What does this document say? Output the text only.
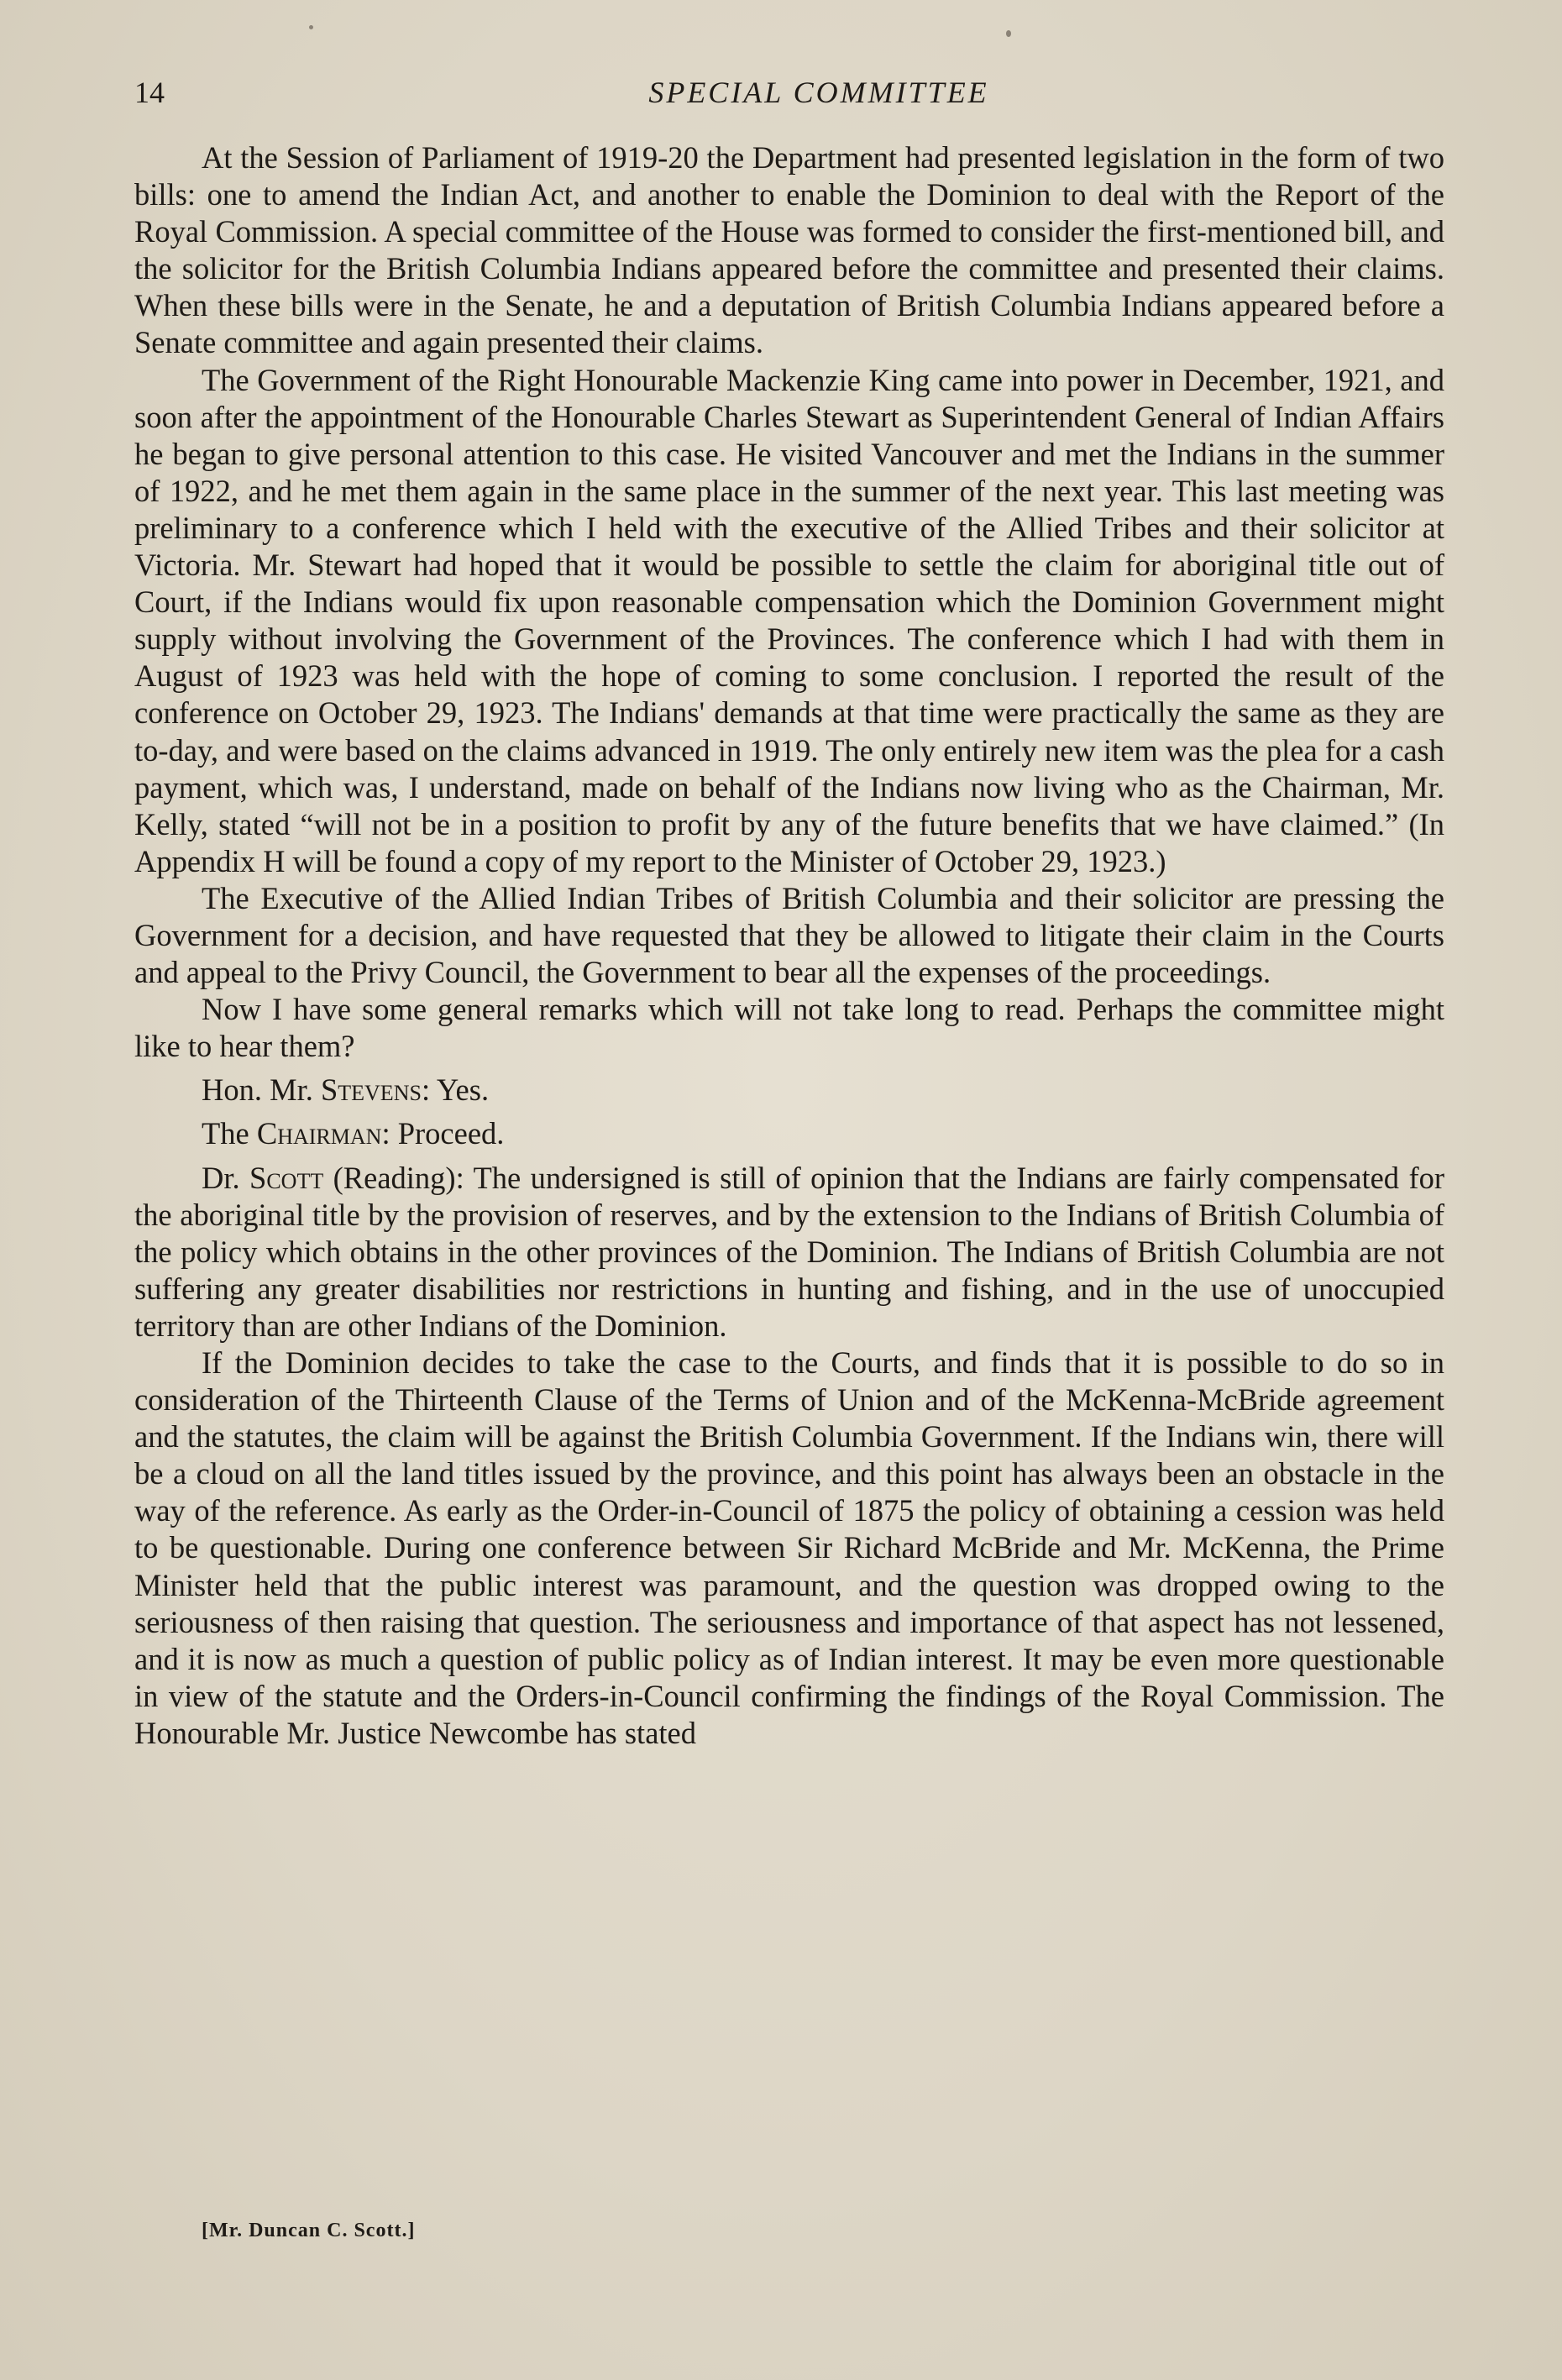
14	SPECIAL COMMITTEE

At the Session of Parliament of 1919-20 the Department had presented legislation in the form of two bills: one to amend the Indian Act, and another to enable the Dominion to deal with the Report of the Royal Commission. A special committee of the House was formed to consider the first-mentioned bill, and the solicitor for the British Columbia Indians appeared before the committee and presented their claims. When these bills were in the Senate, he and a deputation of British Columbia Indians appeared before a Senate committee and again presented their claims.

The Government of the Right Honourable Mackenzie King came into power in December, 1921, and soon after the appointment of the Honourable Charles Stewart as Superintendent General of Indian Affairs he began to give personal attention to this case. He visited Vancouver and met the Indians in the summer of 1922, and he met them again in the same place in the summer of the next year. This last meeting was preliminary to a conference which I held with the executive of the Allied Tribes and their solicitor at Victoria. Mr. Stewart had hoped that it would be possible to settle the claim for aboriginal title out of Court, if the Indians would fix upon reasonable compensation which the Dominion Government might supply without involving the Government of the Provinces. The conference which I had with them in August of 1923 was held with the hope of coming to some conclusion. I reported the result of the conference on October 29, 1923. The Indians' demands at that time were practically the same as they are to-day, and were based on the claims advanced in 1919. The only entirely new item was the plea for a cash payment, which was, I understand, made on behalf of the Indians now living who as the Chairman, Mr. Kelly, stated “will not be in a position to profit by any of the future benefits that we have claimed.” (In Appendix H will be found a copy of my report to the Minister of October 29, 1923.)

The Executive of the Allied Indian Tribes of British Columbia and their solicitor are pressing the Government for a decision, and have requested that they be allowed to litigate their claim in the Courts and appeal to the Privy Council, the Government to bear all the expenses of the proceedings.

Now I have some general remarks which will not take long to read. Perhaps the committee might like to hear them?

Hon. Mr. Stevens: Yes.

The Chairman: Proceed.

Dr. Scott (Reading): The undersigned is still of opinion that the Indians are fairly compensated for the aboriginal title by the provision of reserves, and by the extension to the Indians of British Columbia of the policy which obtains in the other provinces of the Dominion. The Indians of British Columbia are not suffering any greater disabilities nor restrictions in hunting and fishing, and in the use of unoccupied territory than are other Indians of the Dominion.

If the Dominion decides to take the case to the Courts, and finds that it is possible to do so in consideration of the Thirteenth Clause of the Terms of Union and of the McKenna-McBride agreement and the statutes, the claim will be against the British Columbia Government. If the Indians win, there will be a cloud on all the land titles issued by the province, and this point has always been an obstacle in the way of the reference. As early as the Order-in-Council of 1875 the policy of obtaining a cession was held to be questionable. During one conference between Sir Richard McBride and Mr. McKenna, the Prime Minister held that the public interest was paramount, and the question was dropped owing to the seriousness of then raising that question. The seriousness and importance of that aspect has not lessened, and it is now as much a question of public policy as of Indian interest. It may be even more questionable in view of the statute and the Orders-in-Council confirming the findings of the Royal Commission. The Honourable Mr. Justice Newcombe has stated

[Mr. Duncan C. Scott.]
